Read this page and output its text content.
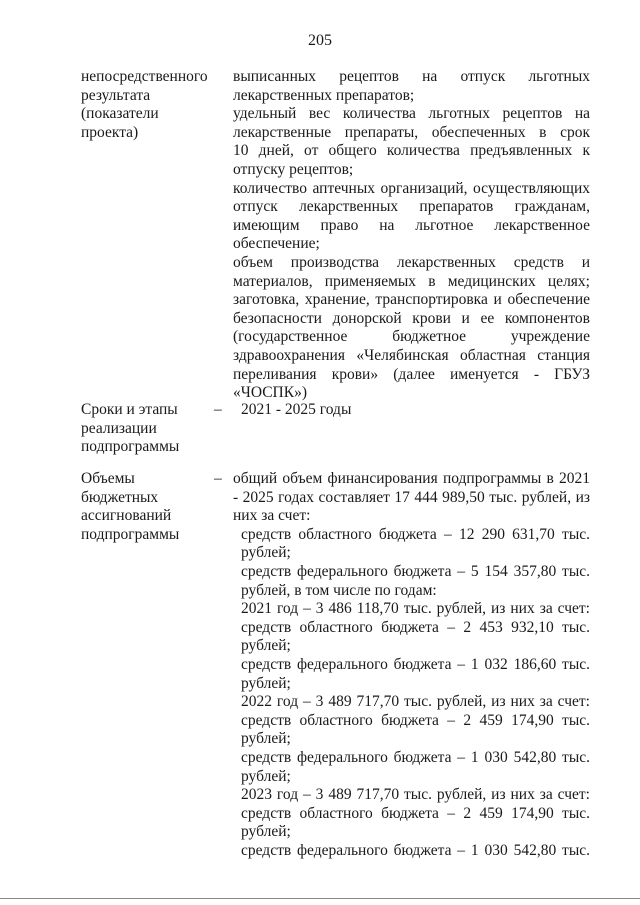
205
непосредственного
результата
(показатели
проекта)
выписанных рецептов на отпуск льготных
лекарственных препаратов;
удельный вес количества льготных рецептов на
лекарственные препараты, обеспеченных в срок
10 дней, от общего количества предъявленных к
отпуску рецептов;
количество аптечных организаций, осуществляющих
отпуск лекарственных препаратов гражданам,
имеющим право на льготное лекарственное
обеспечение;
объем производства лекарственных средств и
материалов, применяемых в медицинских целях;
заготовка, хранение, транспортировка и обеспечение
безопасности донорской крови и ее компонентов
(государственное бюджетное учреждение
здравоохранения «Челябинская областная станция
переливания крови» (далее именуется - ГБУЗ
«ЧОСПК»)
Сроки и этапы
реализации
подпрограммы
– 2021 - 2025 годы
Объемы
бюджетных
ассигнований
подпрограммы
– общий объем финансирования подпрограммы в 2021
- 2025 годах составляет 17 444 989,50 тыс. рублей, из
них за счет:
средств областного бюджета – 12 290 631,70 тыс.
рублей;
средств федерального бюджета – 5 154 357,80 тыс.
рублей, в том числе по годам:
2021 год – 3 486 118,70 тыс. рублей, из них за счет:
средств областного бюджета – 2 453 932,10 тыс.
рублей;
средств федерального бюджета – 1 032 186,60 тыс.
рублей;
2022 год – 3 489 717,70 тыс. рублей, из них за счет:
средств областного бюджета – 2 459 174,90 тыс.
рублей;
средств федерального бюджета – 1 030 542,80 тыс.
рублей;
2023 год – 3 489 717,70 тыс. рублей, из них за счет:
средств областного бюджета – 2 459 174,90 тыс.
рублей;
средств федерального бюджета – 1 030 542,80 тыс.
